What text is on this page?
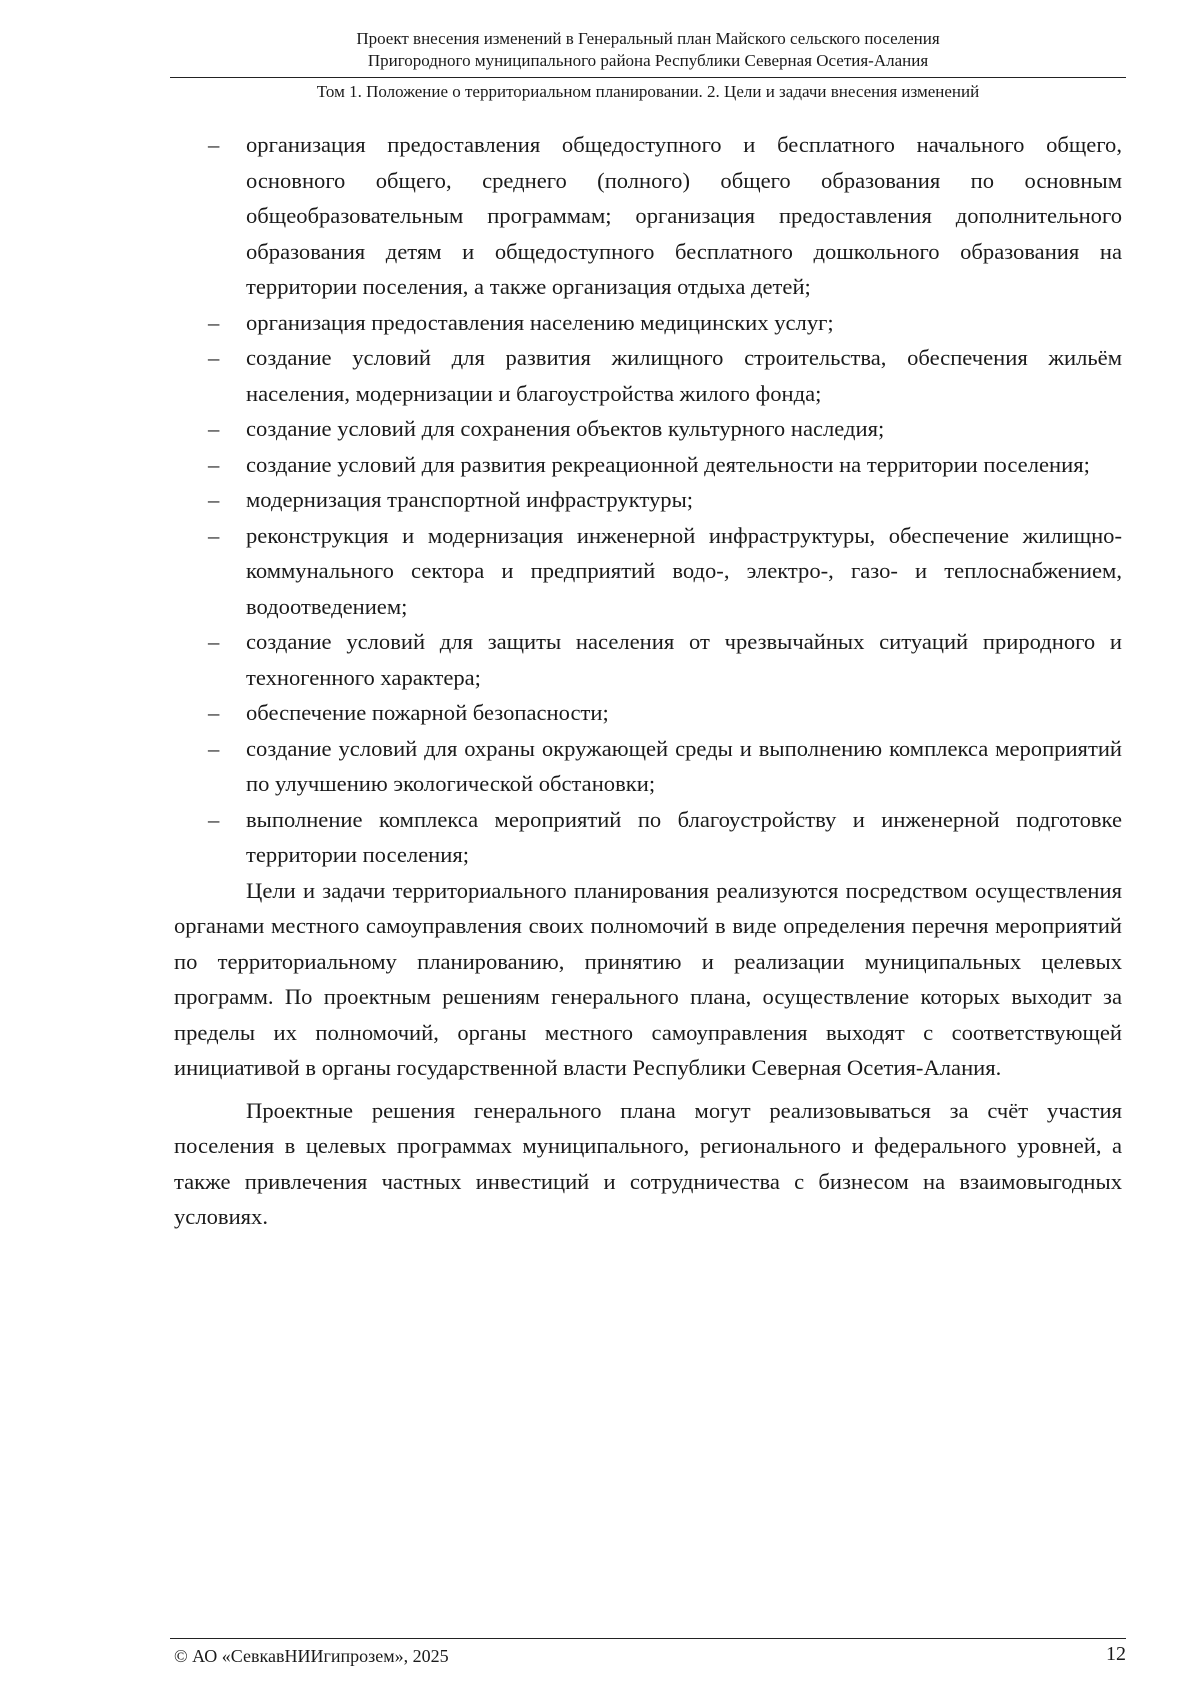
Проект внесения изменений в Генеральный план Майского сельского поселения
Пригородного муниципального района Республики Северная Осетия-Алания
Том 1. Положение о территориальном планировании. 2. Цели и задачи внесения изменений
– организация предоставления общедоступного и бесплатного начального общего, основного общего, среднего (полного) общего образования по основным общеобразовательным программам; организация предоставления дополнительного образования детям и общедоступного бесплатного дошкольного образования на территории поселения, а также организация отдыха детей;
– организация предоставления населению медицинских услуг;
– создание условий для развития жилищного строительства, обеспечения жильём населения, модернизации и благоустройства жилого фонда;
– создание условий для сохранения объектов культурного наследия;
– создание условий для развития рекреационной деятельности на территории поселения;
– модернизация транспортной инфраструктуры;
– реконструкция и модернизация инженерной инфраструктуры, обеспечение жилищно-коммунального сектора и предприятий водо-, электро-, газо- и теплоснабжением, водоотведением;
– создание условий для защиты населения от чрезвычайных ситуаций природного и техногенного характера;
– обеспечение пожарной безопасности;
– создание условий для охраны окружающей среды и выполнению комплекса мероприятий по улучшению экологической обстановки;
– выполнение комплекса мероприятий по благоустройству и инженерной подготовке территории поселения;

Цели и задачи территориального планирования реализуются посредством осуществления органами местного самоуправления своих полномочий в виде определения перечня мероприятий по территориальному планированию, принятию и реализации муниципальных целевых программ. По проектным решениям генерального плана, осуществление которых выходит за пределы их полномочий, органы местного самоуправления выходят с соответствующей инициативой в органы государственной власти Республики Северная Осетия-Алания.

Проектные решения генерального плана могут реализовываться за счёт участия поселения в целевых программах муниципального, регионального и федерального уровней, а также привлечения частных инвестиций и сотрудничества с бизнесом на взаимовыгодных условиях.

© АО «СевкавНИИгипрозем», 2025	12
